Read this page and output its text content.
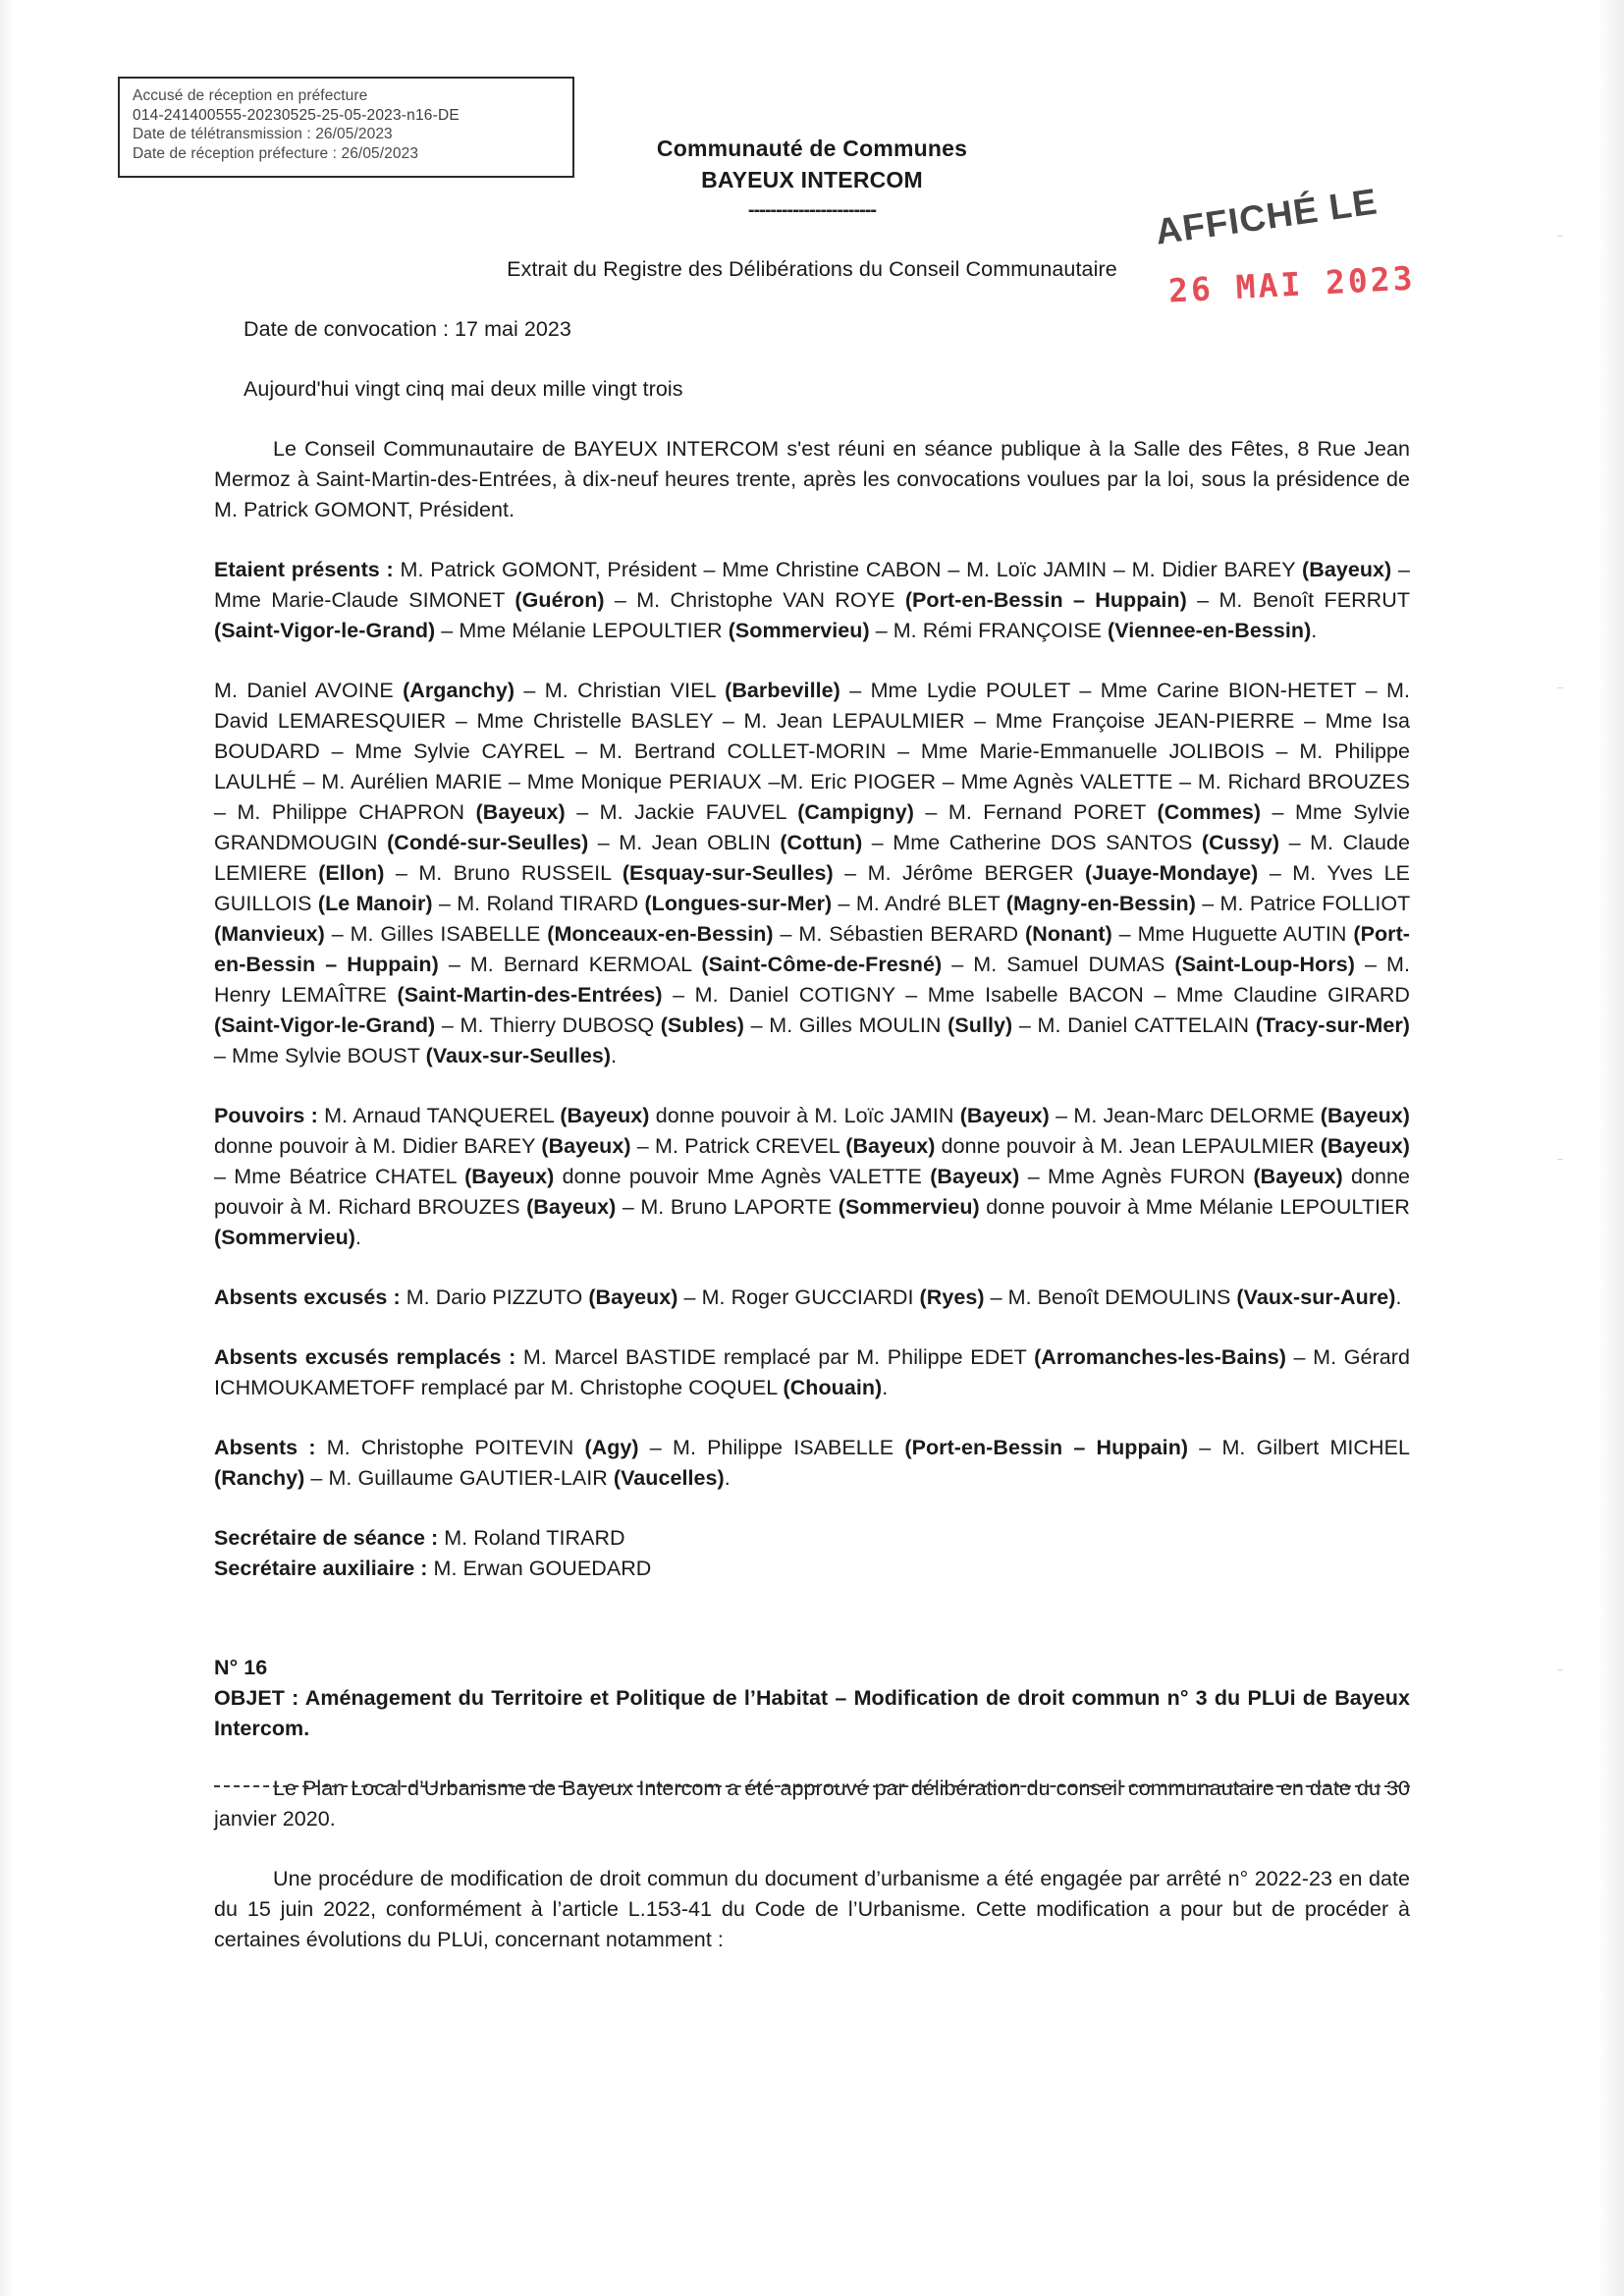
Accusé de réception en préfecture
014-241400555-20230525-25-05-2023-n16-DE
Date de télétransmission : 26/05/2023
Date de réception préfecture : 26/05/2023	Communauté de Communes
BAYEUX INTERCOM
-----------------------	AFFICHÉ LE
26 MAI 2023
Extrait du Registre des Délibérations du Conseil Communautaire

Date de convocation : 17 mai 2023

Aujourd'hui vingt cinq mai deux mille vingt trois

Le Conseil Communautaire de BAYEUX INTERCOM s'est réuni en séance publique à la Salle des Fêtes, 8 Rue Jean Mermoz à Saint-Martin-des-Entrées, à dix-neuf heures trente, après les convocations voulues par la loi, sous la présidence de M. Patrick GOMONT, Président.

Etaient présents : M. Patrick GOMONT, Président – Mme Christine CABON – M. Loïc JAMIN – M. Didier BAREY (Bayeux) – Mme Marie-Claude SIMONET (Guéron) – M. Christophe VAN ROYE (Port-en-Bessin – Huppain) – M. Benoît FERRUT (Saint-Vigor-le-Grand) – Mme Mélanie LEPOULTIER (Sommervieu) – M. Rémi FRANÇOISE (Viennee-en-Bessin).

M. Daniel AVOINE (Arganchy) – M. Christian VIEL (Barbeville) – Mme Lydie POULET – Mme Carine BION-HETET – M. David LEMARESQUIER – Mme Christelle BASLEY – M. Jean LEPAULMIER – Mme Françoise JEAN-PIERRE – Mme Isa BOUDARD – Mme Sylvie CAYREL – M. Bertrand COLLET-MORIN – Mme Marie-Emmanuelle JOLIBOIS – M. Philippe LAULHÉ – M. Aurélien MARIE – Mme Monique PERIAUX –M. Eric PIOGER – Mme Agnès VALETTE – M. Richard BROUZES – M. Philippe CHAPRON (Bayeux) – M. Jackie FAUVEL (Campigny) – M. Fernand PORET (Commes) – Mme Sylvie GRANDMOUGIN (Condé-sur-Seulles) – M. Jean OBLIN (Cottun) – Mme Catherine DOS SANTOS (Cussy) – M. Claude LEMIERE (Ellon) – M. Bruno RUSSEIL (Esquay-sur-Seulles) – M. Jérôme BERGER (Juaye-Mondaye) – M. Yves LE GUILLOIS (Le Manoir) – M. Roland TIRARD (Longues-sur-Mer) – M. André BLET (Magny-en-Bessin) – M. Patrice FOLLIOT (Manvieux) – M. Gilles ISABELLE (Monceaux-en-Bessin) – M. Sébastien BERARD (Nonant) – Mme Huguette AUTIN (Port-en-Bessin – Huppain) – M. Bernard KERMOAL (Saint-Côme-de-Fresné) – M. Samuel DUMAS (Saint-Loup-Hors) – M. Henry LEMAÎTRE (Saint-Martin-des-Entrées) – M. Daniel COTIGNY – Mme Isabelle BACON – Mme Claudine GIRARD (Saint-Vigor-le-Grand) – M. Thierry DUBOSQ (Subles) – M. Gilles MOULIN (Sully) – M. Daniel CATTELAIN (Tracy-sur-Mer) – Mme Sylvie BOUST (Vaux-sur-Seulles).

Pouvoirs : M. Arnaud TANQUEREL (Bayeux) donne pouvoir à M. Loïc JAMIN (Bayeux) – M. Jean-Marc DELORME (Bayeux) donne pouvoir à M. Didier BAREY (Bayeux) – M. Patrick CREVEL (Bayeux) donne pouvoir à M. Jean LEPAULMIER (Bayeux) – Mme Béatrice CHATEL (Bayeux) donne pouvoir Mme Agnès VALETTE (Bayeux) – Mme Agnès FURON (Bayeux) donne pouvoir à M. Richard BROUZES (Bayeux) – M. Bruno LAPORTE (Sommervieu) donne pouvoir à Mme Mélanie LEPOULTIER (Sommervieu).

Absents excusés : M. Dario PIZZUTO (Bayeux) – M. Roger GUCCIARDI (Ryes) – M. Benoît DEMOULINS (Vaux-sur-Aure).

Absents excusés remplacés : M. Marcel BASTIDE remplacé par M. Philippe EDET (Arromanches-les-Bains) – M. Gérard ICHMOUKAMETOFF remplacé par M. Christophe COQUEL (Chouain).

Absents : M. Christophe POITEVIN (Agy) – M. Philippe ISABELLE (Port-en-Bessin – Huppain) – M. Gilbert MICHEL (Ranchy) – M. Guillaume GAUTIER-LAIR (Vaucelles).

Secrétaire de séance : M. Roland TIRARD

Secrétaire auxiliaire : M. Erwan GOUEDARD

N° 16

OBJET : Aménagement du Territoire et Politique de l’Habitat – Modification de droit commun n° 3 du PLUi de Bayeux Intercom.

Le Plan Local d’Urbanisme de Bayeux Intercom a été approuvé par délibération du conseil communautaire en date du 30 janvier 2020.

Une procédure de modification de droit commun du document d’urbanisme a été engagée par arrêté n° 2022-23 en date du 15 juin 2022, conformément à l’article L.153-41 du Code de l’Urbanisme. Cette modification a pour but de procéder à certaines évolutions du PLUi, concernant notamment :
